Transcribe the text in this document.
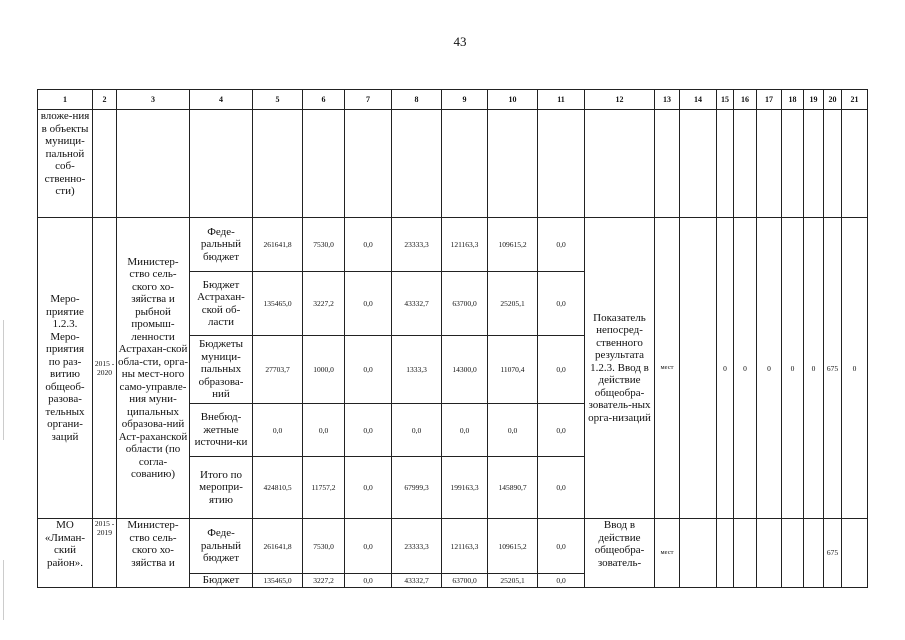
43
1	2	3	4	5	6	7	8	9	10	11	12	13	14	15	16	17	18	19	20	21
вложе-ния в объекты муници-пальной соб-ственно-сти)																				
Меро-приятие 1.2.3. Меро-приятия по раз-витию общеоб-разова-тельных органи-заций	2015 - 2020	Министер-ство сель-ского хо-зяйства и рыбной промыш-ленности Астрахан-ской обла-сти, орга-ны мест-ного само-управле-ния муни-ципальных образова-ний Аст-раханской области (по согла-сованию)	Феде-ральный бюджет	261641,8	7530,0	0,0	23333,3	121163,3	109615,2	0,0	Показатель непосред-ственного результата 1.2.3. Ввод в действие общеобра-зователь-ных орга-низаций	мест		0	0	0	0	0	675	0
			Бюджет Астрахан-ской об-ласти	135465,0	3227,2	0,0	43332,7	63700,0	25205,1	0,0										
			Бюджеты муници-пальных образова-ний	27703,7	1000,0	0,0	1333,3	14300,0	11070,4	0,0										
			Внебюд-жетные источни-ки	0,0	0,0	0,0	0,0	0,0	0,0	0,0										
			Итого по меропри-ятию	424810,5	11757,2	0,0	67999,3	199163,3	145890,7	0,0										
МО «Лиман-ский район».	2015 - 2019	Министер-ство сель-ского хо-зяйства и	Феде-ральный бюджет	261641,8	7530,0	0,0	23333,3	121163,3	109615,2	0,0	Ввод в действие общеобра-зователь-	мест							675	
			Бюджет	135465,0	3227,2	0,0	43332,7	63700,0	25205,1	0,0										
